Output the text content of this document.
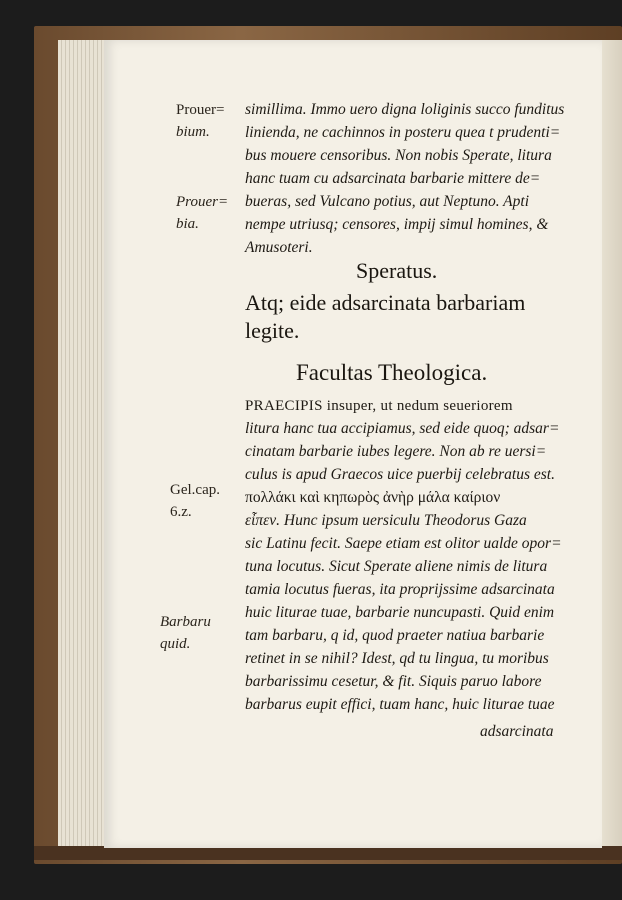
Prouer=
bium.
Prouer=
bia.
Gel.cap.
6.z.
Barbaru
quid.
simillima. Immo uero digna loliginis succo funditus
linienda, ne cachinnos in posteru quea t prudenti=
bus mouere censoribus. Non nobis Sperate, litura
hanc tuam cu adsarcinata barbarie mittere de=
bueras, sed Vulcano potius, aut Neptuno. Apti
nempe utriusq; censores, impij simul homines, &
Amusoteri.
Speratus.
Atq; eide adsarcinata barbariam
legite.
Facultas Theologica.
PRAECIPIS insuper, ut nedum seueriorem
litura hanc tua accipiamus, sed eide quoq; adsar=
cinatam barbarie iubes legere. Non ab re uersi=
culus is apud Graecos uice puerbij celebratus est.
πολλάκι καὶ κηπωρὸς ἀνὴρ μάλα καίριον
εἶπεν. Hunc ipsum uersiculu Theodorus Gaza
sic Latinu fecit. Saepe etiam est olitor ualde opor=
tuna locutus. Sicut Sperate aliene nimis de litura
tamia locutus fueras, ita proprijssime adsarcinata
huic liturae tuae, barbarie nuncupasti. Quid enim
tam barbaru, q id, quod praeter natiua barbarie
retinet in se nihil? Idest, qd tu lingua, tu moribus
barbarissimu cesetur, & fit. Siquis paruo labore
barbarus eupit effici, tuam hanc, huic liturae tuae
adsarcinata
